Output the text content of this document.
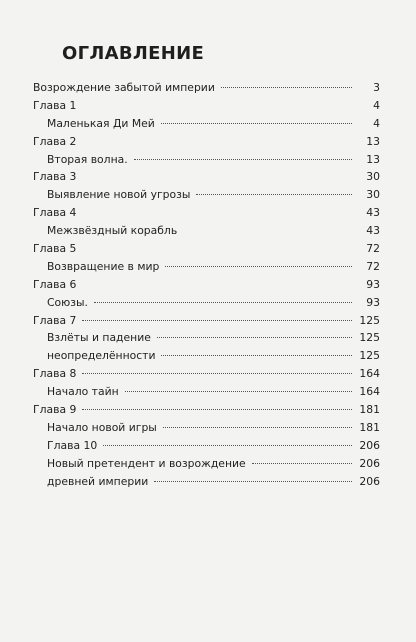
ОГЛАВЛЕНИЕ
Возрождение забытой империи	3
Глава 1	4
Маленькая Ди Мей	4
Глава 2	13
Вторая волна.	13
Глава 3	30
Выявление новой угрозы	30
Глава 4	43
Межзвёздный корабль	43
Глава 5	72
Возвращение в мир	72
Глава 6	93
Союзы.	93
Глава 7	125
Взлёты и падение	125
неопределённости	125
Глава 8	164
Начало тайн	164
Глава 9	181
Начало новой игры	181
Глава 10	206
Новый претендент и возрождение	206
древней империи	206
